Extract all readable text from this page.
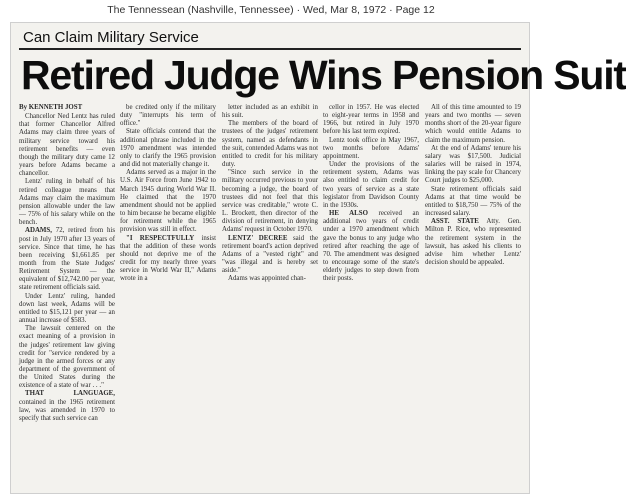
The Tennessean (Nashville, Tennessee) · Wed, Mar 8, 1972 · Page 12
Can Claim Military Service
Retired Judge Wins Pension Suit

By KENNETH JOST

Chancellor Ned Lentz has ruled that former Chancellor Alfred Adams may claim three years of military service toward his retirement benefits — even though the military duty came 12 years before Adams became a chancellor.

Lentz' ruling in behalf of his retired colleague means that Adams may claim the maximum pension allowable under the law — 75% of his salary while on the bench.

ADAMS, 72, retired from his post in July 1970 after 13 years of service. Since that time, he has been receiving $1,661.85 per month from the State Judges' Retirement System — the equivalent of $12,742.00 per year, state retirement officials said.

Under Lentz' ruling, handed down last week, Adams will be entitled to $15,121 per year — an annual increase of $583.

The lawsuit centered on the exact meaning of a provision in the judges' retirement law giving credit for "service rendered by a judge in the armed forces or any department of the government of the United States during the existence of a state of war . . ."

THAT LANGUAGE, contained in the 1965 retirement law, was amended in 1970 to specify that such service can

be credited only if the military duty "interrupts his term of office."

State officials contend that the additional phrase included in the 1970 amendment was intended only to clarify the 1965 provision and did not materially change it.

Adams served as a major in the U.S. Air Force from June 1942 to March 1945 during World War II. He claimed that the 1970 amendment should not be applied to him because he became eligible for retirement while the 1965 provision was still in effect.

"I RESPECTFULLY insist that the addition of these words should not deprive me of the credit for my nearly three years service in World War II," Adams wrote in a

letter included as an exhibit in his suit.

The members of the board of trustees of the judges' retirement system, named as defendants in the suit, contended Adams was not entitled to credit for his military duty.

"Since such service in the military occurred previous to your becoming a judge, the board of trustees did not feel that this service was creditable," wrote C. L. Brockett, then director of the division of retirement, in denying Adams' request in October 1970.

LENTZ' DECREE said the retirement board's action deprived Adams of a "vested right" and "was illegal and is hereby set aside."

Adams was appointed chan-

cellor in 1957. He was elected to eight-year terms in 1958 and 1966, but retired in July 1970 before his last term expired.

Lentz took office in May 1967, two months before Adams' appointment.

Under the provisions of the retirement system, Adams was also entitled to claim credit for two years of service as a state legislator from Davidson County in the 1930s.

HE ALSO received an additional two years of credit under a 1970 amendment which gave the bonus to any judge who retired after reaching the age of 70. The amendment was designed to encourage some of the state's elderly judges to step down from their posts.

All of this time amounted to 19 years and two months — seven months short of the 20-year figure which would entitle Adams to claim the maximum pension.

At the end of Adams' tenure his salary was $17,500. Judicial salaries will be raised in 1974, linking the pay scale for Chancery Court judges to $25,000.

State retirement officials said Adams at that time would be entitled to $18,750 — 75% of the increased salary.

ASST. STATE Atty. Gen. Milton P. Rice, who represented the retirement system in the lawsuit, has asked his clients to advise him whether Lentz' decision should be appealed.
